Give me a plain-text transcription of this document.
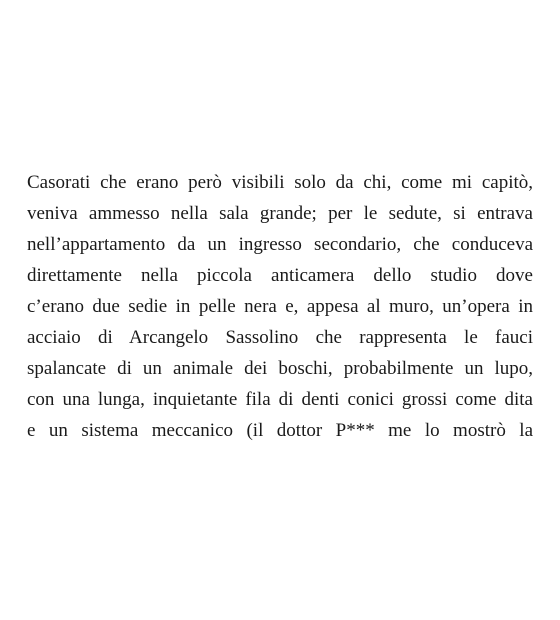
Casorati che erano però visibili solo da chi, come mi capitò,
veniva ammesso nella sala grande; per le sedute, si entrava
nell’appartamento da un ingresso secondario, che conduceva
direttamente nella piccola anticamera dello studio dove
c’erano due sedie in pelle nera e, appesa al muro, un’opera in
acciaio di Arcangelo Sassolino che rappresenta le fauci
spalancate di un animale dei boschi, probabilmente un lupo,
con una lunga, inquietante fila di denti conici grossi come dita
e un sistema meccanico (il dottor P*** me lo mostrò la
